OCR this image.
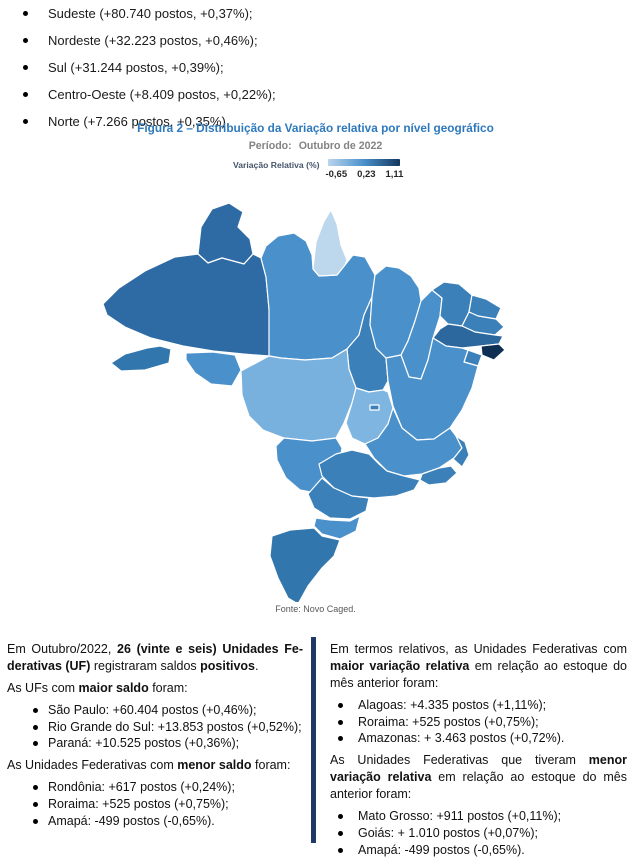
Sudeste (+80.740 postos, +0,37%);
Nordeste (+32.223 postos, +0,46%);
Sul (+31.244 postos, +0,39%);
Centro-Oeste (+8.409 postos, +0,22%);
Norte (+7.266 postos, +0,35%).
Figura 2 – Distribuição da Variação relativa por nível geográfico
Período: Outubro de 2022
Variação Relativa (%)
-0,65 0,23 1,11
Fonte: Novo Caged.

Em Outubro/2022, 26 (vinte e seis) Unidades Fe-derativas (UF) registraram saldos positivos.

As UFs com maior saldo foram:

São Paulo: +60.404 postos (+0,46%);
Rio Grande do Sul: +13.853 postos (+0,52%);
Paraná: +10.525 postos (+0,36%);

As Unidades Federativas com menor saldo foram:

Rondônia: +617 postos (+0,24%);
Roraima: +525 postos (+0,75%);
Amapá: -499 postos (-0,65%).

Em termos relativos, as Unidades Federativas com maior variação relativa em relação ao estoque do mês anterior foram:

Alagoas: +4.335 postos (+1,11%);
Roraima: +525 postos (+0,75%);
Amazonas: + 3.463 postos (+0,72%).

As Unidades Federativas que tiveram menor variação relativa em relação ao estoque do mês anterior foram:

Mato Grosso: +911 postos (+0,11%);
Goiás: + 1.010 postos (+0,07%);
Amapá: -499 postos (-0,65%).
